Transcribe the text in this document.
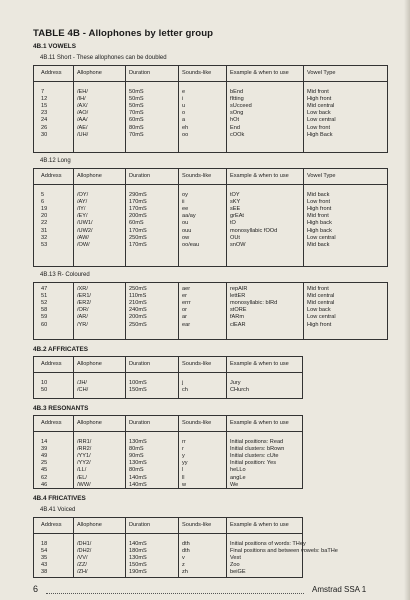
TABLE 4B - Allophones by letter group
4B.1 VOWELS
4B.11 Short - These allophones can be doubled
Address	Allophone	Duration	Sounds-like	Example & when to use	Vowel Type
7	/EH/	50mS	e	bEnd	Mid front
12	/IH/	50mS	i	fItting	High front
15	/AX/	50mS	u	sUcceed	Mid central
23	/AO/	70mS	o	sOng	Low back
24	/AA/	60mS	a	hOt	Low central
26	/AE/	80mS	eh	End	Low front
30	/UH/	70mS	oo	cOOk	High Back
4B.12 Long
Address	Allophone	Duration	Sounds-like	Example & when to use	Vowel Type
5	/OY/	290mS	oy	tOY	Mid back
6	/AY/	170mS	ii	sKY	Low front
19	/IY/	170mS	ee	sEE	High front
20	/EY/	200mS	aa/ay	grEAt	Mid front
22	/UW1/	60mS	ou	tO	High back
31	/UW2/	170mS	ouu	monosyllabic fOOd	High back
32	/AW/	250mS	ow	OUt	Low central
53	/OW/	170mS	oo/eau	snOW	Mid back
4B.13 R- Coloured
47	/XR/	250mS	aer	repAIR	Mid front
51	/ER1/	110mS	er	lettER	Mid central
52	/ER2/	210mS	errr	monosyllabic: bIRd	Mid central
58	/OR/	240mS	or	stORE	Low back
59	/AR/	200mS	ar	fARm	Low central
60	/YR/	250mS	ear	clEAR	High front
4B.2 AFFRICATES
Address	Allophone	Duration	Sounds-like	Example & when to use
10	/JH/	100mS	j	Jury
50	/CH/	150mS	ch	CHurch
4B.3 RESONANTS
Address	Allophone	Duration	Sounds-like	Example & when to use
14	/RR1/	130mS	rr	Initial positions: Read
39	/RR2/	80mS	r	Initial clusters: bRown
49	/YY1/	90mS	y	Initial clusters: cUte
25	/YY2/	130mS	yy	Initial position: Yes
45	/LL/	80mS	l	heLLo
62	/EL/	140mS	ll	angLe
46	/WW/	140mS	w	We
4B.4 FRICATIVES
4B.41 Voiced
Address	Allophone	Duration	Sounds-like	Example & when to use
18	/DH1/	140mS	dth	Initial positions of words: THey
54	/DH2/	180mS	dth	Final positions and between vowels: baTHe
35	/VV/	130mS	v	Vest
43	/ZZ/	150mS	z	Zoo
38	/ZH/	190mS	zh	beiGE
6	Amstrad SSA 1
